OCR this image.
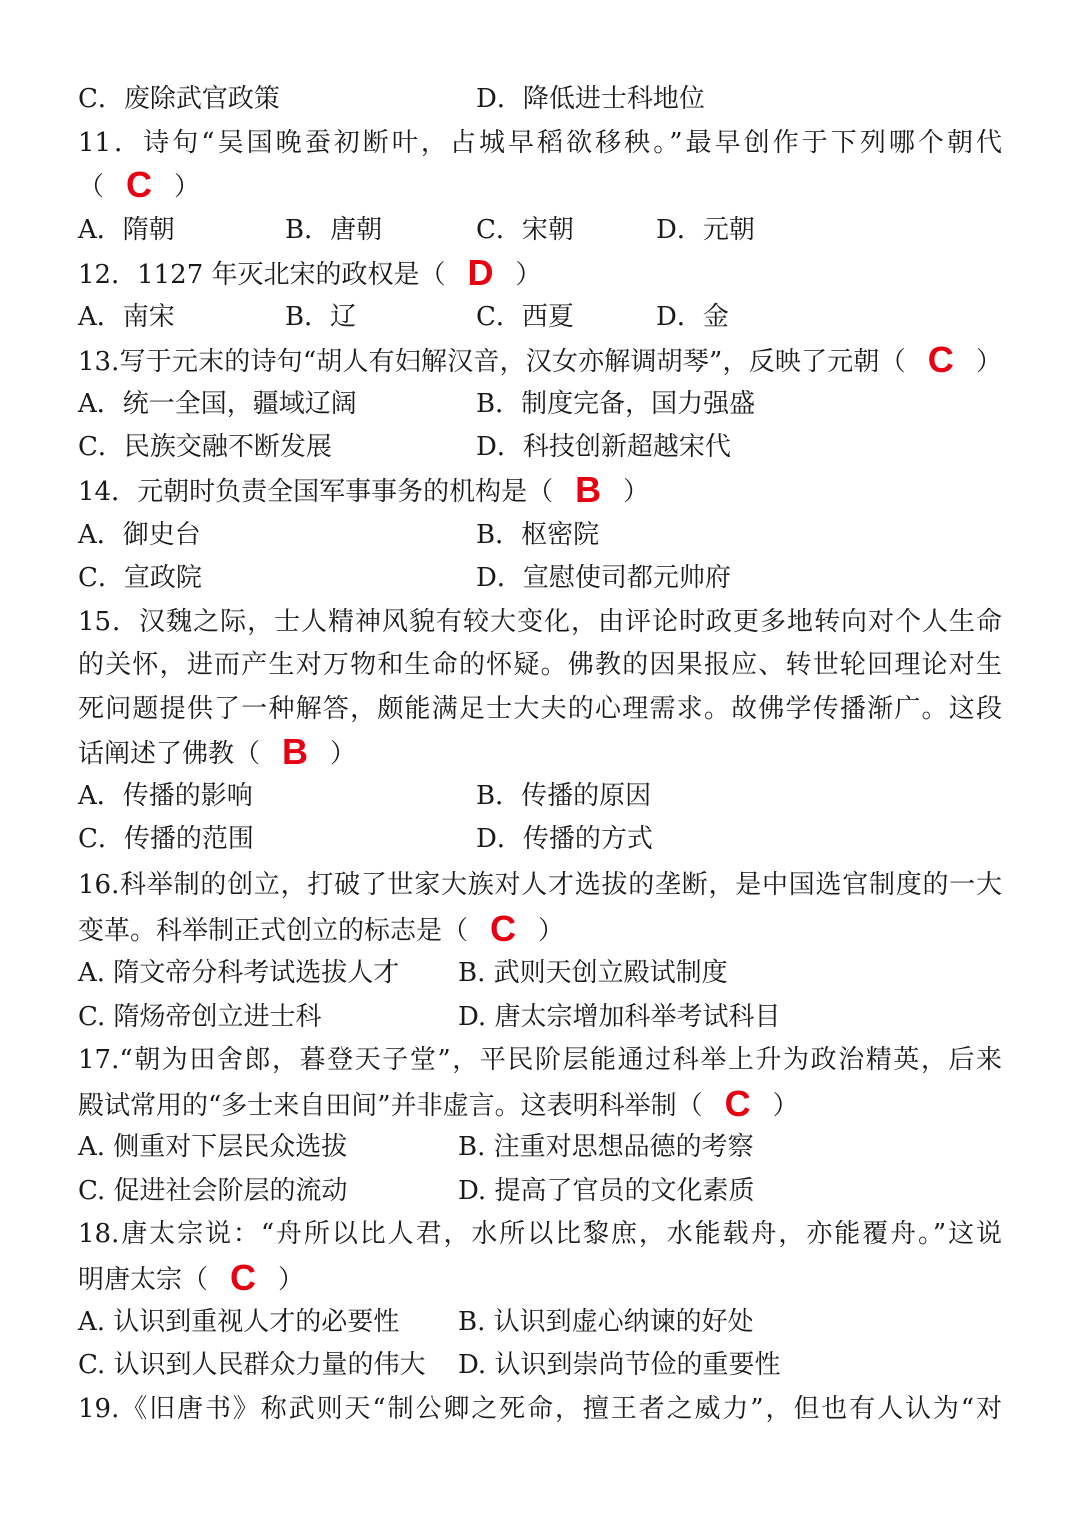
C．废除武官政策	D．降低进士科地位
11．诗句“吴国晚蚕初断叶，占城早稻欲移秧。”最早创作于下列哪个朝代
（ C ）
A．隋朝	B．唐朝	C．宋朝	D．元朝
12．1127 年灭北宋的政权是（ D ）
A．南宋	B．辽	C．西夏	D．金
13.写于元末的诗句“胡人有妇解汉音，汉女亦解调胡琴”，反映了元朝（ C ）
A．统一全国，疆域辽阔	B．制度完备，国力强盛
C．民族交融不断发展	D．科技创新超越宋代
14．元朝时负责全国军事事务的机构是（ B ）
A．御史台	B．枢密院
C．宣政院	D．宣慰使司都元帅府
15．汉魏之际，士人精神风貌有较大变化，由评论时政更多地转向对个人生命
的关怀，进而产生对万物和生命的怀疑。佛教的因果报应、转世轮回理论对生
死问题提供了一种解答，颇能满足士大夫的心理需求。故佛学传播渐广。这段
话阐述了佛教（ B ）
A．传播的影响	B．传播的原因
C．传播的范围	D．传播的方式
16.科举制的创立，打破了世家大族对人才选拔的垄断，是中国选官制度的一大
变革。科举制正式创立的标志是（ C ）
A. 隋文帝分科考试选拔人才 B. 武则天创立殿试制度
C. 隋炀帝创立进士科	D. 唐太宗增加科举考试科目
17.“朝为田舍郎，暮登天子堂”，平民阶层能通过科举上升为政治精英，后来
殿试常用的“多士来自田间”并非虚言。这表明科举制（ C ）
A. 侧重对下层民众选拔	B. 注重对思想品德的考察
C. 促进社会阶层的流动	D. 提高了官员的文化素质
18.唐太宗说：“舟所以比人君，水所以比黎庶，水能载舟，亦能覆舟。”这说
明唐太宗（ C ）
A. 认识到重视人才的必要性 B. 认识到虚心纳谏的好处
C. 认识到人民群众力量的伟大 D. 认识到崇尚节俭的重要性
19.《旧唐书》称武则天“制公卿之死命，擅王者之威力”，但也有人认为“对
